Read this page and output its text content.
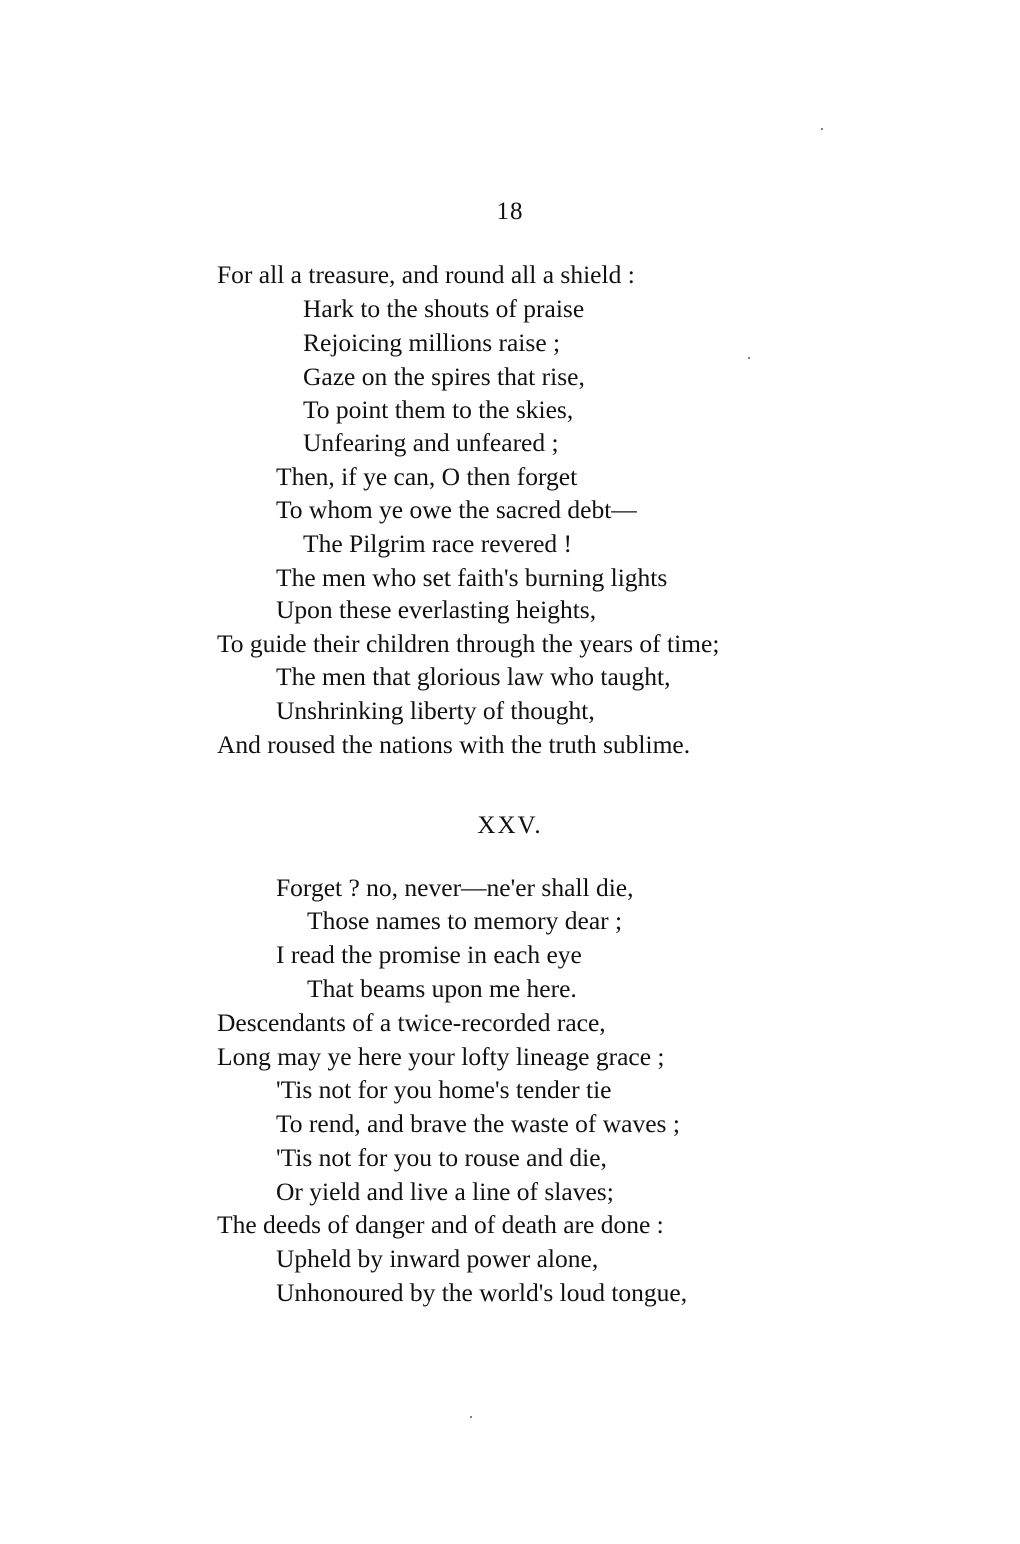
18
For all a treasure, and round all a shield :
Hark to the shouts of praise
Rejoicing millions raise ;
Gaze on the spires that rise,
To point them to the skies,
Unfearing and unfeared ;
Then, if ye can, O then forget
To whom ye owe the sacred debt—
The Pilgrim race revered !
The men who set faith's burning lights
Upon these everlasting heights,
To guide their children through the years of time;
The men that glorious law who taught,
Unshrinking liberty of thought,
And roused the nations with the truth sublime.
XXV.
Forget ? no, never—ne'er shall die,
Those names to memory dear ;
I read the promise in each eye
That beams upon me here.
Descendants of a twice-recorded race,
Long may ye here your lofty lineage grace ;
'Tis not for you home's tender tie
To rend, and brave the waste of waves ;
'Tis not for you to rouse and die,
Or yield and live a line of slaves;
The deeds of danger and of death are done :
Upheld by inward power alone,
Unhonoured by the world's loud tongue,
